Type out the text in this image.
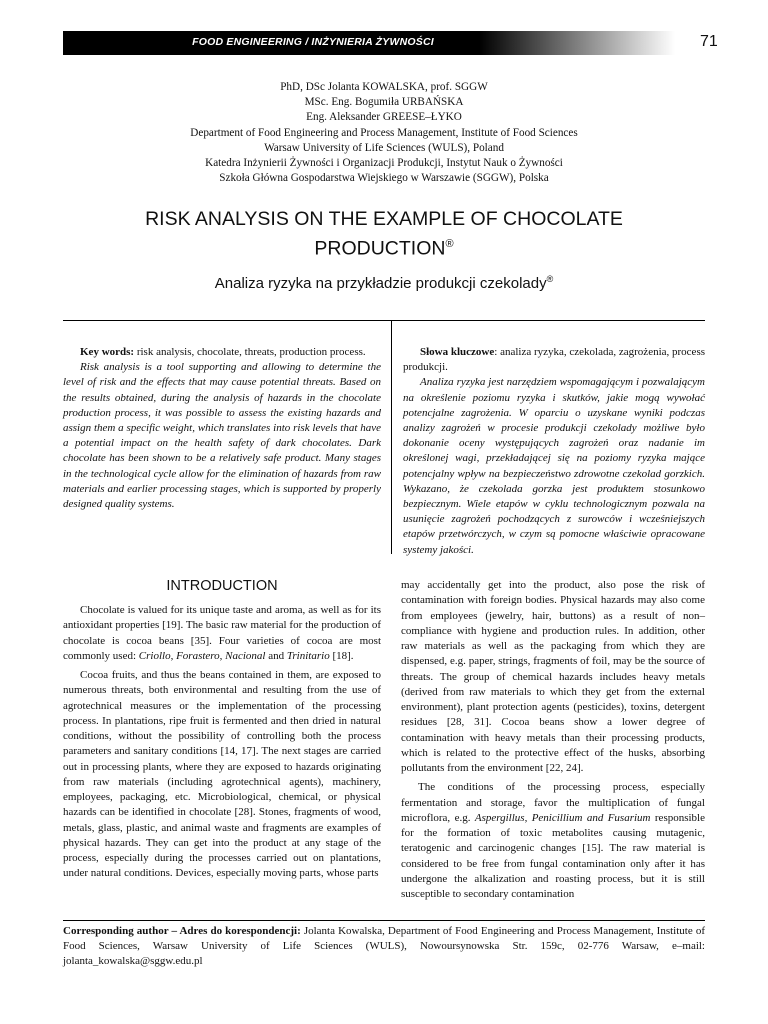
FOOD ENGINEERING / INŻYNIERIA ŻYWNOŚCI	71
PhD, DSc Jolanta KOWALSKA, prof. SGGW
MSc. Eng. Bogumiła URBAŃSKA
Eng. Aleksander GREESE–ŁYKO
Department of Food Engineering and Process Management, Institute of Food Sciences
Warsaw University of Life Sciences (WULS), Poland
Katedra Inżynierii Żywności i Organizacji Produkcji, Instytut Nauk o Żywności
Szkoła Główna Gospodarstwa Wiejskiego w Warszawie (SGGW), Polska
RISK ANALYSIS ON THE EXAMPLE OF CHOCOLATE
PRODUCTION®
Analiza ryzyka na przykładzie produkcji czekolady®

Key words: risk analysis, chocolate, threats, production process.

Risk analysis is a tool supporting and allowing to determine the level of risk and the effects that may cause potential threats. Based on the results obtained, during the analysis of hazards in the chocolate production process, it was possible to assess the existing hazards and assign them a specific weight, which translates into risk levels that have a potential impact on the health safety of dark chocolates. Dark chocolate has been shown to be a relatively safe product. Many stages in the technological cycle allow for the elimination of hazards from raw materials and earlier processing stages, which is supported by properly designed quality systems.

Słowa kluczowe: analiza ryzyka, czekolada, zagrożenia, process produkcji.

Analiza ryzyka jest narzędziem wspomagającym i pozwalającym na określenie poziomu ryzyka i skutków, jakie mogą wywołać potencjalne zagrożenia. W oparciu o uzyskane wyniki podczas analizy zagrożeń w procesie produkcji czekolady możliwe było dokonanie oceny występujących zagrożeń oraz nadanie im określonej wagi, przekładającej się na poziomy ryzyka mające potencjalny wpływ na bezpieczeństwo zdrowotne czekolad gorzkich. Wykazano, że czekolada gorzka jest produktem stosunkowo bezpiecznym. Wiele etapów w cyklu technologicznym pozwala na usunięcie zagrożeń pochodzących z surowców i wcześniejszych etapów przetwórczych, w czym są pomocne właściwie opracowane systemy jakości.

INTRODUCTION

Chocolate is valued for its unique taste and aroma, as well as for its antioxidant properties [19]. The basic raw material for the production of chocolate is cocoa beans [35]. Four varieties of cocoa are most commonly used: Criollo, Forastero, Nacional and Trinitario [18].

Cocoa fruits, and thus the beans contained in them, are exposed to numerous threats, both environmental and resulting from the use of agrotechnical measures or the implementation of the processing process. In plantations, ripe fruit is fermented and then dried in natural conditions, without the possibility of controlling both the process parameters and sanitary conditions [14, 17]. The next stages are carried out in processing plants, where they are exposed to hazards originating from raw materials (including agrotechnical agents), machinery, employees, packaging, etc. Microbiological, chemical, or physical hazards can be identified in chocolate [28]. Stones, fragments of wood, metals, glass, plastic, and animal waste and fragments are examples of physical hazards. They can get into the product at any stage of the process, especially during the processes carried out on plantations, under natural conditions. Devices, especially moving parts, whose parts

may accidentally get into the product, also pose the risk of contamination with foreign bodies. Physical hazards may also come from employees (jewelry, hair, buttons) as a result of non–compliance with hygiene and production rules. In addition, other raw materials as well as the packaging from which they are dispensed, e.g. paper, strings, fragments of foil, may be the source of threats. The group of chemical hazards includes heavy metals (derived from raw materials to which they get from the external environment), plant protection agents (pesticides), toxins, detergent residues [28, 31]. Cocoa beans show a lower degree of contamination with heavy metals than their processing products, which is related to the protective effect of the husks, absorbing pollutants from the environment [22, 24].

The conditions of the processing process, especially fermentation and storage, favor the multiplication of fungal microflora, e.g. Aspergillus, Penicillium and Fusarium responsible for the formation of toxic metabolites causing mutagenic, teratogenic and carcinogenic changes [15]. The raw material is considered to be free from fungal contamination only after it has undergone the alkalization and roasting process, but it is still susceptible to secondary contamination

Corresponding author – Adres do korespondencji: Jolanta Kowalska, Department of Food Engineering and Process Management, Institute of Food Sciences, Warsaw University of Life Sciences (WULS), Nowoursynowska Str. 159c, 02-776 Warsaw, e–mail: jolanta_kowalska@sggw.edu.pl
